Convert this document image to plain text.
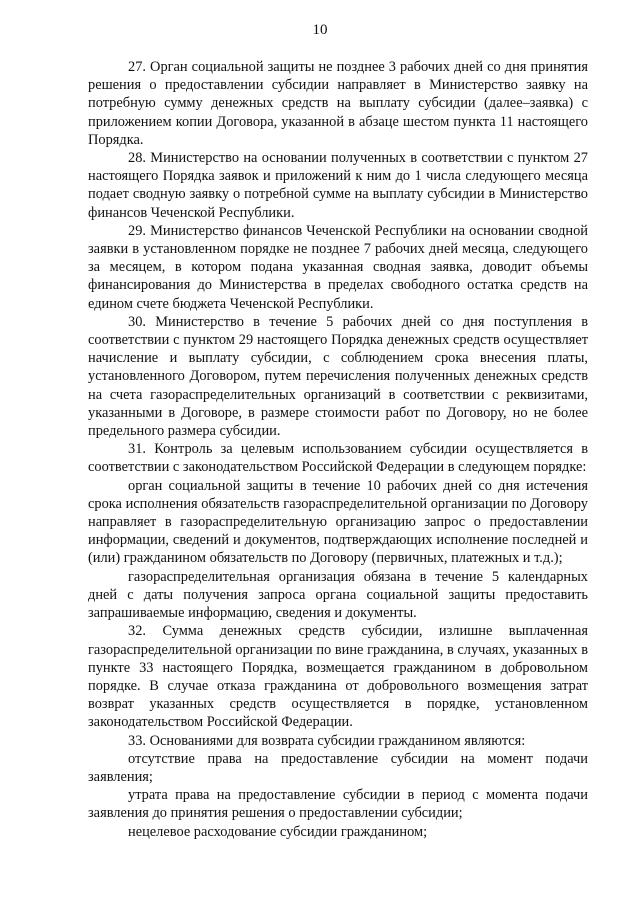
10

27. Орган социальной защиты не позднее 3 рабочих дней со дня принятия решения о предоставлении субсидии направляет в Министерство заявку на потребную сумму денежных средств на выплату субсидии (далее–заявка) с приложением копии Договора, указанной в абзаце шестом пункта 11 настоящего Порядка.

28. Министерство на основании полученных в соответствии с пунктом 27 настоящего Порядка заявок и приложений к ним до 1 числа следующего месяца подает сводную заявку о потребной сумме на выплату субсидии в Министерство финансов Чеченской Республики.

29. Министерство финансов Чеченской Республики на основании сводной заявки в установленном порядке не позднее 7 рабочих дней месяца, следующего за месяцем, в котором подана указанная сводная заявка, доводит объемы финансирования до Министерства в пределах свободного остатка средств на едином счете бюджета Чеченской Республики.

30. Министерство в течение 5 рабочих дней со дня поступления в соответствии с пунктом 29 настоящего Порядка денежных средств осуществляет начисление и выплату субсидии, с соблюдением срока внесения платы, установленного Договором, путем перечисления полученных денежных средств на счета газораспределительных организаций в соответствии с реквизитами, указанными в Договоре, в размере стоимости работ по Договору, но не более предельного размера субсидии.

31. Контроль за целевым использованием субсидии осуществляется в соответствии с законодательством Российской Федерации в следующем порядке:

орган социальной защиты в течение 10 рабочих дней со дня истечения срока исполнения обязательств газораспределительной организации по Договору направляет в газораспределительную организацию запрос о предоставлении информации, сведений и документов, подтверждающих исполнение последней и (или) гражданином обязательств по Договору (первичных, платежных и т.д.);

газораспределительная организация обязана в течение 5 календарных дней с даты получения запроса органа социальной защиты предоставить запрашиваемые информацию, сведения и документы.

32. Сумма денежных средств субсидии, излишне выплаченная газораспределительной организации по вине гражданина, в случаях, указанных в пункте 33 настоящего Порядка, возмещается гражданином в добровольном порядке. В случае отказа гражданина от добровольного возмещения затрат возврат указанных средств осуществляется в порядке, установленном законодательством Российской Федерации.

33. Основаниями для возврата субсидии гражданином являются:

отсутствие права на предоставление субсидии на момент подачи заявления;

утрата права на предоставление субсидии в период с момента подачи заявления до принятия решения о предоставлении субсидии;

нецелевое расходование субсидии гражданином;
